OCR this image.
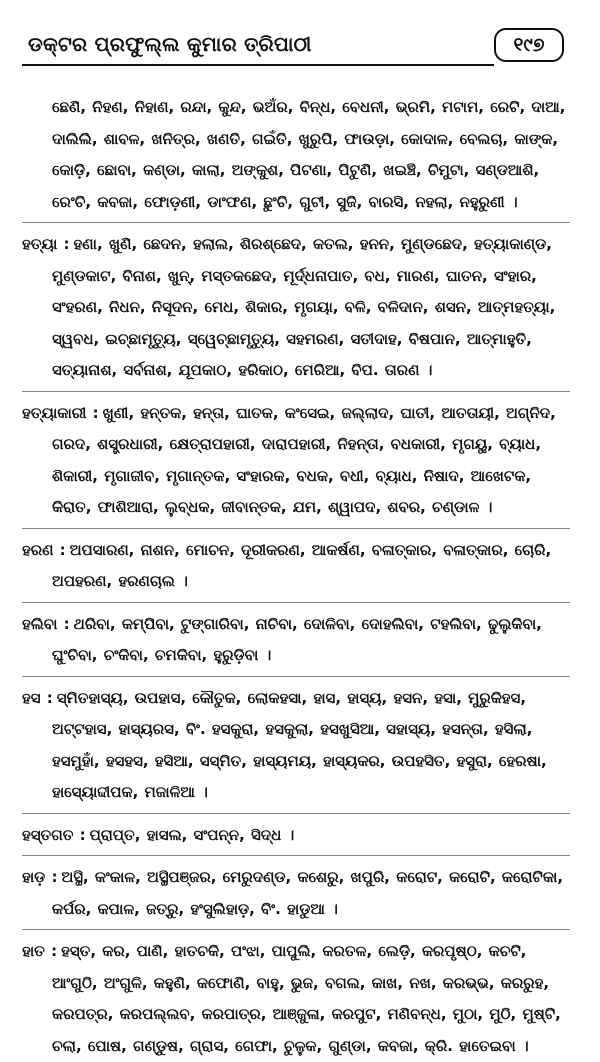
ଡକ୍ଟର ପ୍ରଫୁଲ୍ଲ କୁମାର ତ୍ରିପାଠୀ	୧୯୭
ଛେଣି, ନିହଣ, ନିହାଣ, ରନ୍ଦା, କୁନ୍ଦ, ଭଅଁର, ବିନ୍ଧ, ବେଧନୀ, ଭ୍ରମି, ମଟାମ, ରେଟି, ଦାଆ, ଦାଲିଲି, ଶାବଳ, ଖନିତ୍ର, ଖଣତି, ଗଇଁତି, ଖୁରୁପି, ଫାଉଡ଼ା, କୋଦାଳ, ବେଲଚା, କାଙ୍କ, କୋଡ଼ି, ଛୋବା, କଣ୍ଡା, କାଲା, ଅଙ୍କୁଶ, ପିଟଣା, ପିଟୁଣି, ଖଇଞ୍ଚି, ଚିମୁଟା, ସଣ୍ଡଆଶି, ରେଂଚି, କବଜା, ଫୋଡ଼ଣୀ, ଡାଂଫଣ, ଛୁଂଚି, ଗୁଟୀ, ସୁଜି, ବାରସି, ନହଲା, ନହୁରୁଣୀ ।
ହତ୍ୟା : ହଣା, ଖୁଣି, ଛେଦନ, ହଲାଲ, ଶିରଶ୍ଛେଦ, କତଲ, ହନନ, ମୁଣ୍ଡଛେଦ, ହତ୍ୟାକାଣ୍ଡ, ମୁଣ୍ଡକାଟ, ବିନାଶ, ଖୁନ୍, ମସ୍ତକଛେଦ, ମୂର୍ଦ୍ଧନାପାତ, ବଧ, ମାରଣ, ଘାତନ, ସଂହାର, ସଂହରଣ, ନିଧନ, ନିସୂଦନ, ମେଧ, ଶିକାର, ମୃଗୟା, ବଳି, ବଳିଦାନ, ଶସନ, ଆତ୍ମହତ୍ୟା, ସ୍ୱବଧ, ଇଚ୍ଛାମୃତ୍ୟୁ, ସ୍ୱେଚ୍ଛାମୃତ୍ୟୁ, ସହମରଣ, ସତୀଦାହ, ବିଷପାନ, ଆତ୍ମାହୁତି, ସତ୍ୟାନାଶ, ସର୍ବନାଶ, ଯୂପକାଠ, ହରିକାଠ, ମେରିଆ, ବିପ. ତାରଣ ।
ହତ୍ୟାକାରୀ : ଖୁଣୀ, ହନ୍ତକ, ହନ୍ତା, ଘାତକ, କଂସେଇ, ଜଲ୍ଲାଦ, ଘାତୀ, ଆତତାୟୀ, ଅଗ୍ନିଦ, ଗରଦ, ଶସ୍ତ୍ରଧାରୀ, କ୍ଷେତ୍ରାପହାରୀ, ଦାରାପହାରୀ, ନିହନ୍ତା, ବଧକାରୀ, ମୃଗୟୁ, ବ୍ୟାଧ, ଶିକାରୀ, ମୃଗାଜୀବ, ମୃଗାନ୍ତକ, ସଂହାରକ, ବଧକ, ବଧୀ, ବ୍ୟାଧ, ନିଷାଦ, ଆଖେଟକ, କିରାତ, ଫାଶିଆରା, ଲୁବ୍ଧକ, ଜୀବାନ୍ତକ, ଯମ, ଶ୍ୱାପଦ, ଶବର, ଚଣ୍ଡାଳ ।
ହରଣ : ଅପସାରଣ, ନାଶନ, ମୋଚନ, ଦୂରୀକରଣ, ଆକର୍ଷଣ, ବଳାତ୍କାର, ବଳାତ୍କାର, ଚୋରି, ଅପହରଣ, ହରଣଚାଲ ।
ହଲିବା : ଥରିବା, କମ୍ପିବା, ଟୁଙ୍ଗାରିବା, ନାଚିବା, ଦୋଳିବା, ଦୋହଲିବା, ଟହଲିବା, ଢୁଲୁକିବା, ଘୁଂଚିବା, ଚଂକିବା, ଚମକିବା, ହୁରୁଡ଼ିବା ।
ହସ : ସ୍ମିତହାସ୍ୟ, ଉପହାସ, କୌତୁକ, ଲୋକହସା, ହାସ, ହାସ୍ୟ, ହସନ, ହସା, ମୁରୁକିହସ, ଅଟ୍ଟହାସ, ହାସ୍ୟରସ, ବିଂ. ହସକୁରା, ହସକୁଲା, ହସଖୁସିଆ, ସହାସ୍ୟ, ହସନ୍ତା, ହସିଲା, ହସମୁହାଁ, ହସହସ, ହସିଆ, ସସ୍ମିତ, ହାସ୍ୟମୟ, ହାସ୍ୟକର, ଉପହସିତ, ହସୁରା, ହେରଷା, ହାସ୍ୟୋଦ୍ଦୀପକ, ମଜାଳିଆ ।
ହସ୍ତଗତ : ପ୍ରାପ୍ତ, ହାସଲ, ସଂପନ୍ନ, ସିଦ୍ଧ ।
ହାଡ଼ : ଅସ୍ଥି, କଂକାଳ, ଅସ୍ଥିପଞ୍ଜର, ମେରୁଦଣ୍ଡ, କଶେରୁ, ଖପୁରି, କରୋଟ, କରୋଟି, କରୋଟିକା, କର୍ପର, କପାଳ, ଜତ୍ରୁ, ହଂସୁଲିହାଡ଼, ବିଂ. ହାଡୁଆ ।
ହାତ : ହସ୍ତ, କର, ପାଣି, ହାତଚକି, ପଂଝା, ପାପୁଲି, କରତଳ, ଲେଡ଼ି, କରପୃଷ୍ଠ, କଚଟି, ଆଂଗୁଠି, ଅଂଗୁଳି, କହୁଣି, କଫୋଣି, ବାହୁ, ଭୁଜ, ବଗଲ, କାଖ, ନଖ, କରଭ୍ଭ, କରରୁହ, କରପତ୍ର, କରପଲ୍ଲବ, କରପାତ୍ର, ଆଞ୍ଜୁଳା, କରପୁଟ, ମଣିବନ୍ଧ, ମୁଠା, ମୁଠି, ମୁଷ୍ଟି, ଚଲା, ପୋଷ, ଗଣ୍ଡୁଷ, ଗ୍ରାସ, ଗେଫା, ଚୁଳୁକ, ଗୁଣ୍ଡା, କବଜା, କ୍ରି. ହାତେଇବା ।
